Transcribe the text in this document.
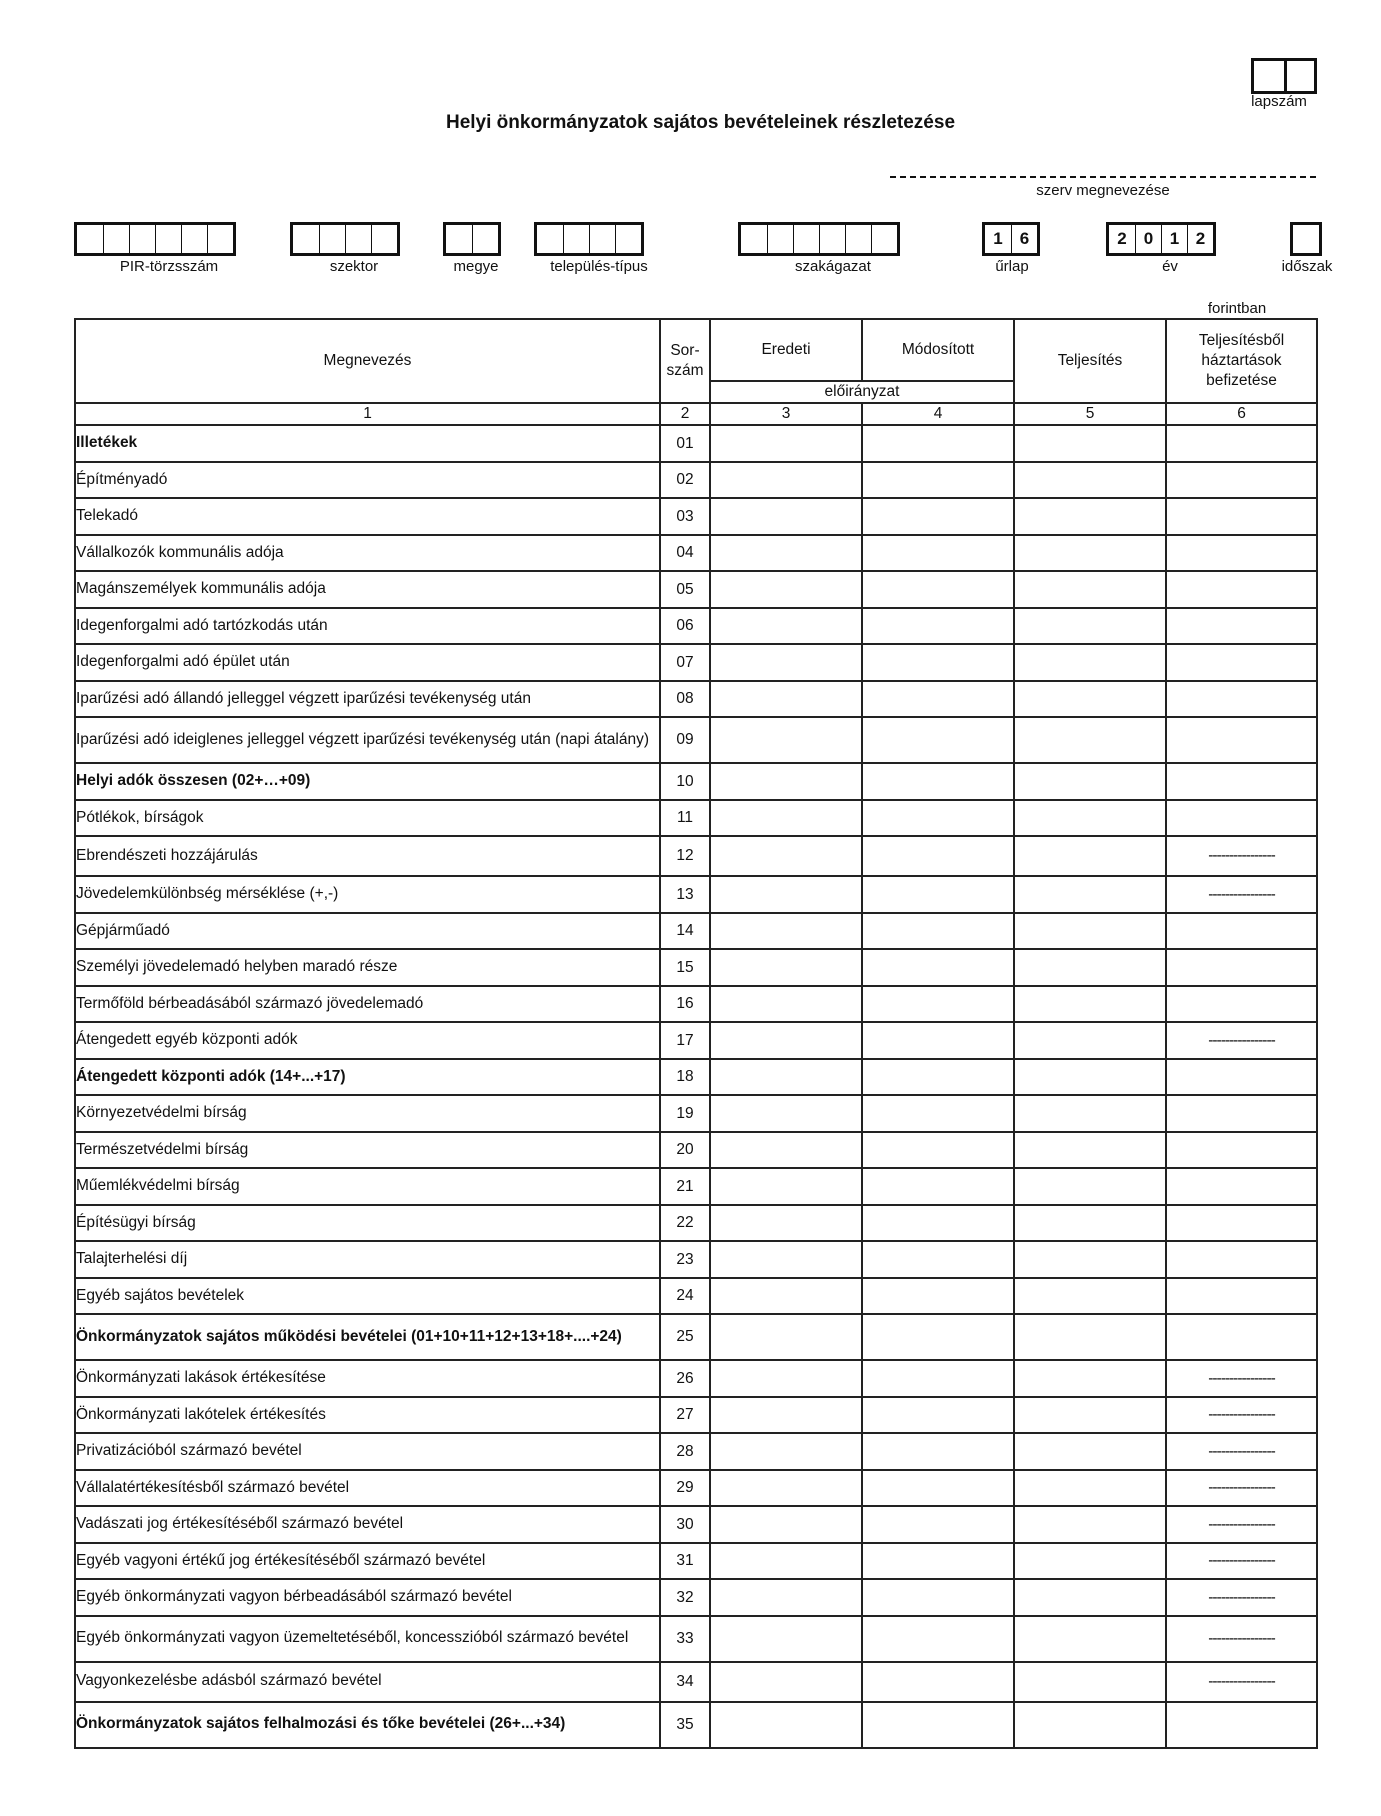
lapszám
Helyi önkormányzatok sajátos bevételeinek részletezése
szerv megnevezése
PIR-törzsszám	szektor	megye	település-típus	szakágazat
1	6
űrlap
2	0 1 2
év	időszak
forintban
Megnevezés	Sor-szám	Eredeti	Módosított	Teljesítés	Teljesítésből háztartások befizetése
		előirányzat			
1	2	3	4	5	6
Illetékek	01				
Építményadó	02				
Telekadó	03				
Vállalkozók kommunális adója	04				
Magánszemélyek kommunális adója	05				
Idegenforgalmi adó tartózkodás után	06				
Idegenforgalmi adó épület után	07				
Iparűzési adó állandó jelleggel végzett iparűzési tevékenység után	08				
Iparűzési adó ideiglenes jelleggel végzett iparűzési tevékenység után (napi átalány)	09				
Helyi adók összesen (02+…+09)	10				
Pótlékok, bírságok	11				
Ebrendészeti hozzájárulás	12				----------------
Jövedelemkülönbség mérséklése (+,-)	13				----------------
Gépjárműadó	14				
Személyi jövedelemadó helyben maradó része	15				
Termőföld bérbeadásából származó jövedelemadó	16				
Átengedett egyéb központi adók	17				----------------
Átengedett központi adók (14+...+17)	18				
Környezetvédelmi bírság	19				
Természetvédelmi bírság	20				
Műemlékvédelmi bírság	21				
Építésügyi bírság	22				
Talajterhelési díj	23				
Egyéb sajátos bevételek	24				
Önkormányzatok sajátos működési bevételei (01+10+11+12+13+18+....+24)	25				
Önkormányzati lakások értékesítése	26				----------------
Önkormányzati lakótelek értékesítés	27				----------------
Privatizációból származó bevétel	28				----------------
Vállalatértékesítésből származó bevétel	29				----------------
Vadászati jog értékesítéséből származó bevétel	30				----------------
Egyéb vagyoni értékű jog értékesítéséből származó bevétel	31				----------------
Egyéb önkormányzati vagyon bérbeadásából származó bevétel	32				----------------
Egyéb önkormányzati vagyon üzemeltetéséből, koncesszióból származó bevétel	33				----------------
Vagyonkezelésbe adásból származó bevétel	34				----------------
Önkormányzatok sajátos felhalmozási és tőke bevételei (26+...+34)	35				
